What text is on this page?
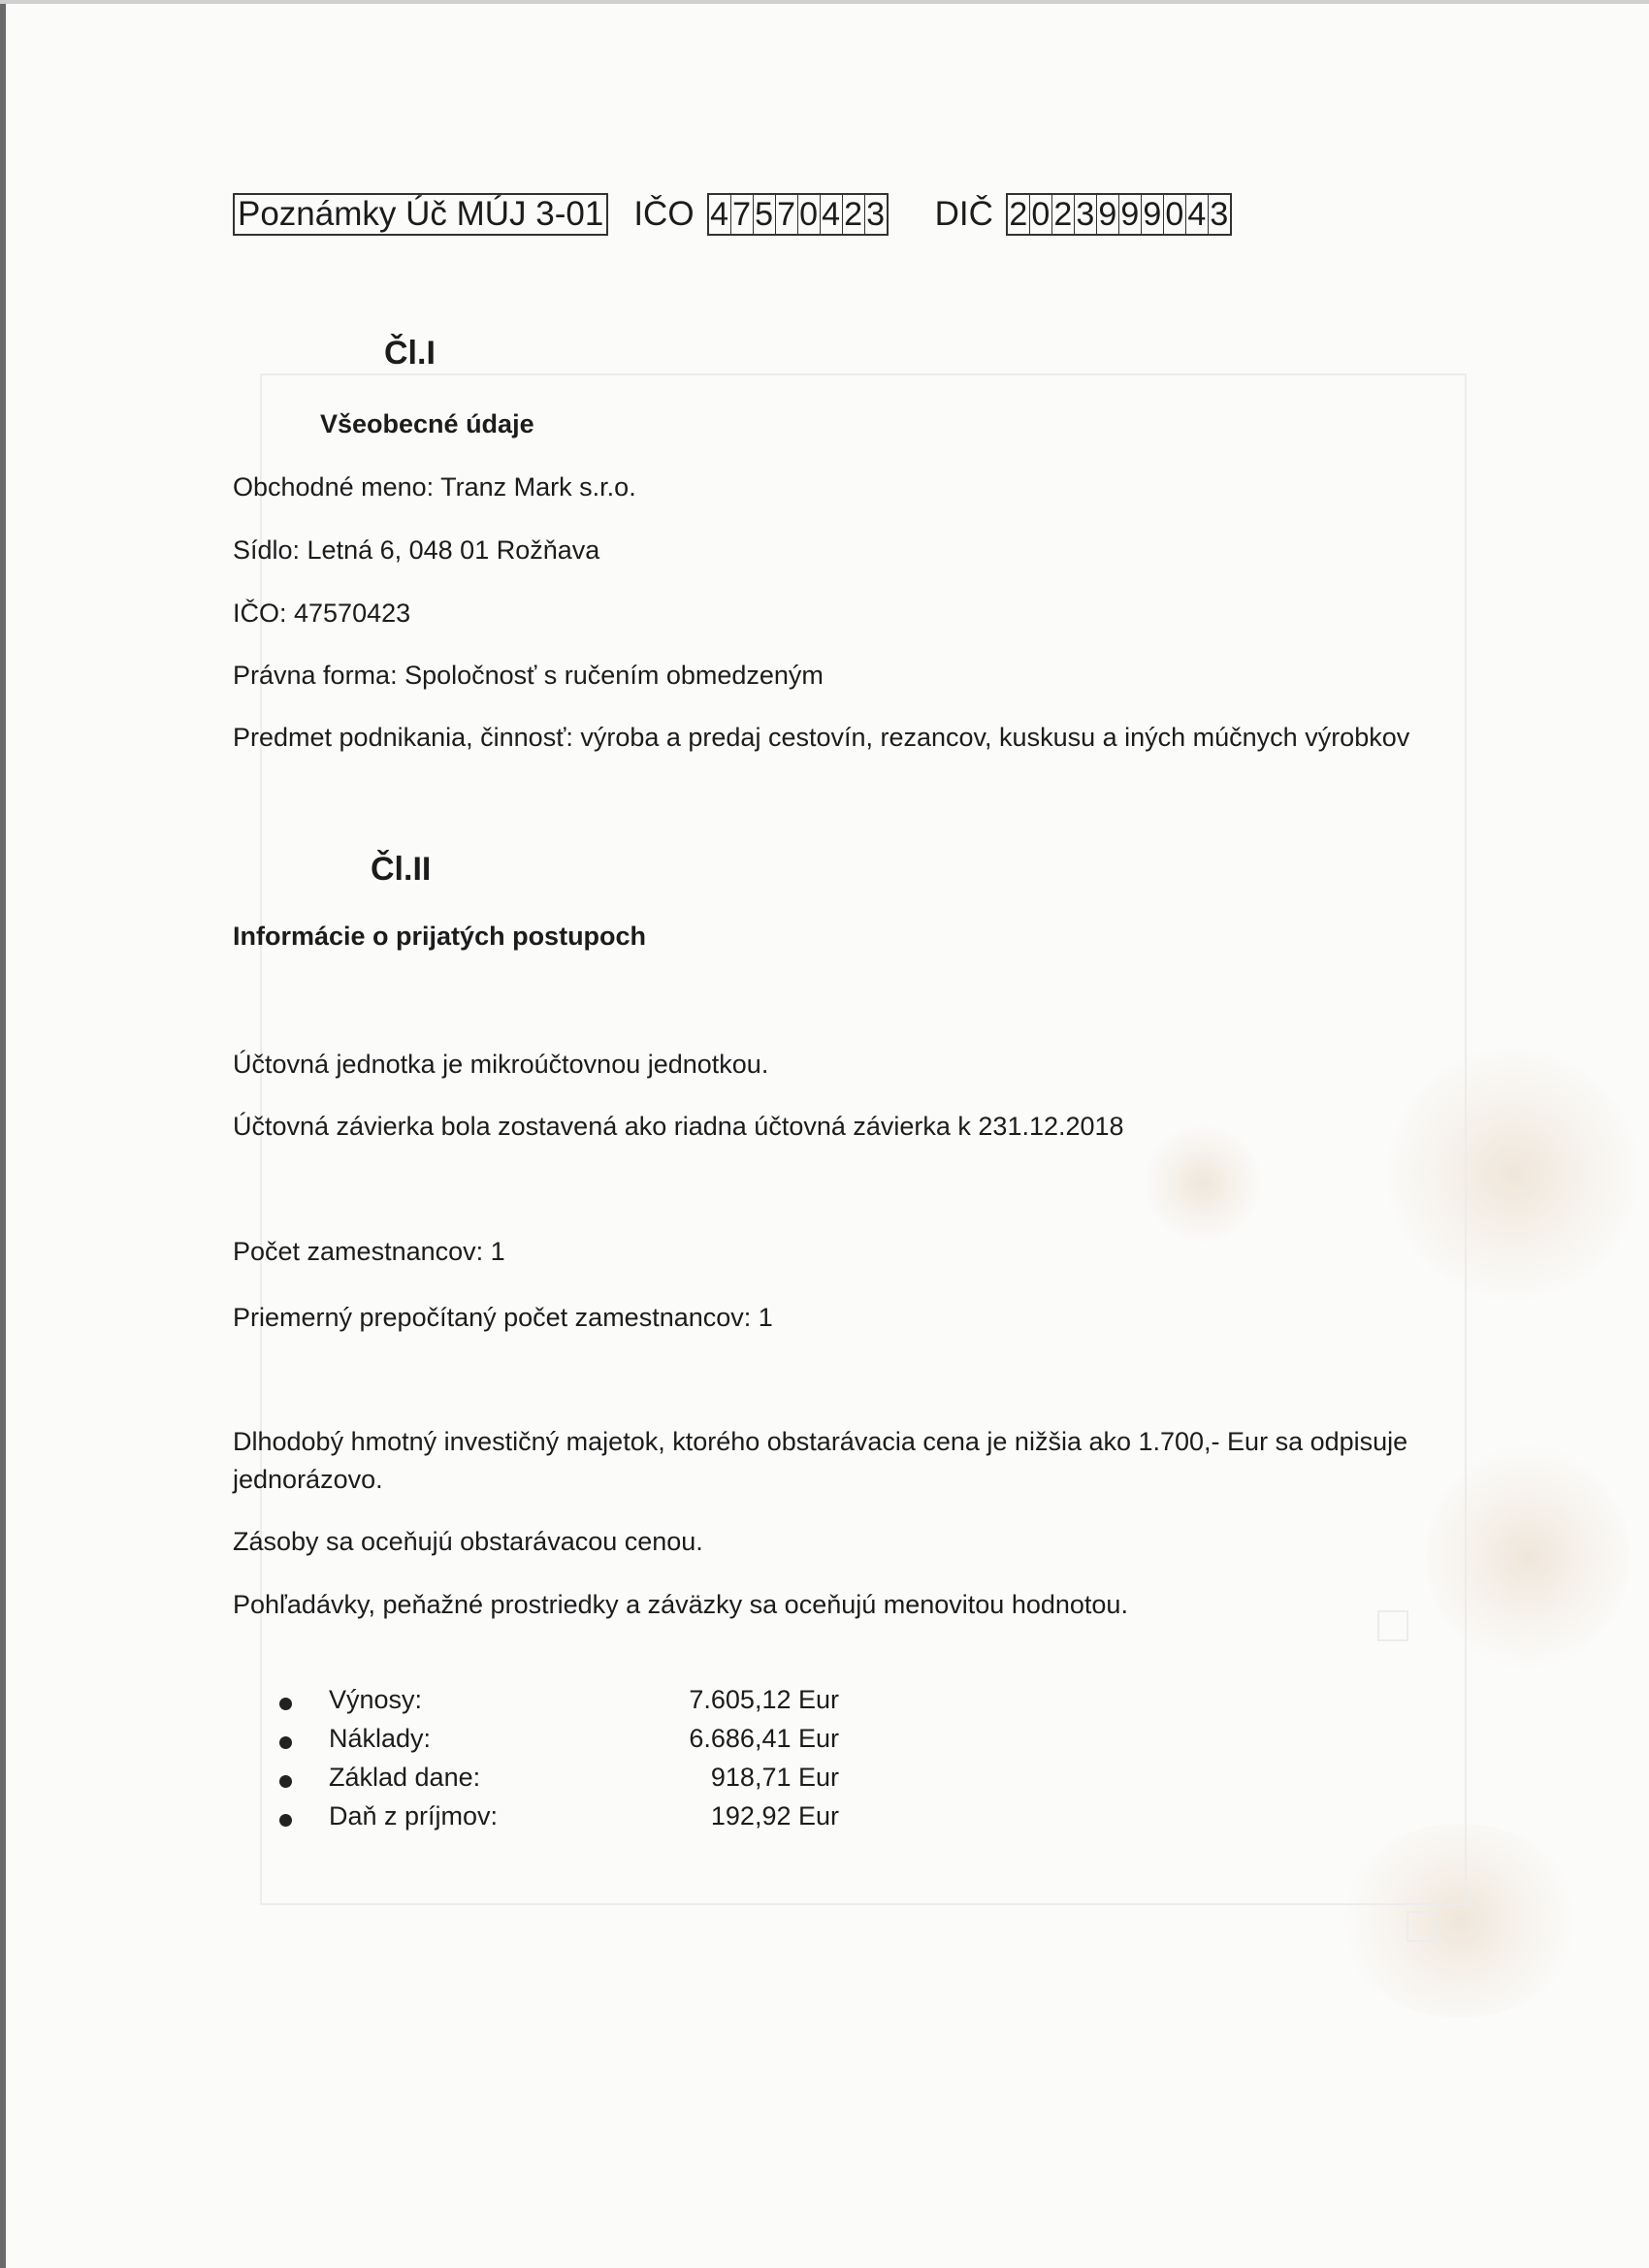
Poznámky Úč MÚJ 3-01 IČO 4 7 5 7 0 4 2 3 DIČ 2 0 2 3 9 9 9 0 4 3
Čl.I
Všeobecné údaje
Obchodné meno: Tranz Mark s.r.o.
Sídlo: Letná 6, 048 01 Rožňava
IČO: 47570423
Právna forma: Spoločnosť s ručením obmedzeným
Predmet podnikania, činnosť: výroba a predaj cestovín, rezancov, kuskusu a iných múčnych výrobkov
Čl.II
Informácie o prijatých postupoch
Účtovná jednotka je mikroúčtovnou jednotkou.
Účtovná závierka bola zostavená ako riadna účtovná závierka k 231.12.2018
Počet zamestnancov: 1
Priemerný prepočítaný počet zamestnancov: 1
Dlhodobý hmotný investičný majetok, ktorého obstarávacia cena je nižšia ako 1.700,- Eur sa odpisuje
jednorázovo.
Zásoby sa oceňujú obstarávacou cenou.
Pohľadávky, peňažné prostriedky a záväzky sa oceňujú menovitou hodnotou.
Výnosy:	7.605,12 Eur
Náklady:	6.686,41 Eur
Základ dane:	918,71 Eur
Daň z príjmov:	192,92 Eur
